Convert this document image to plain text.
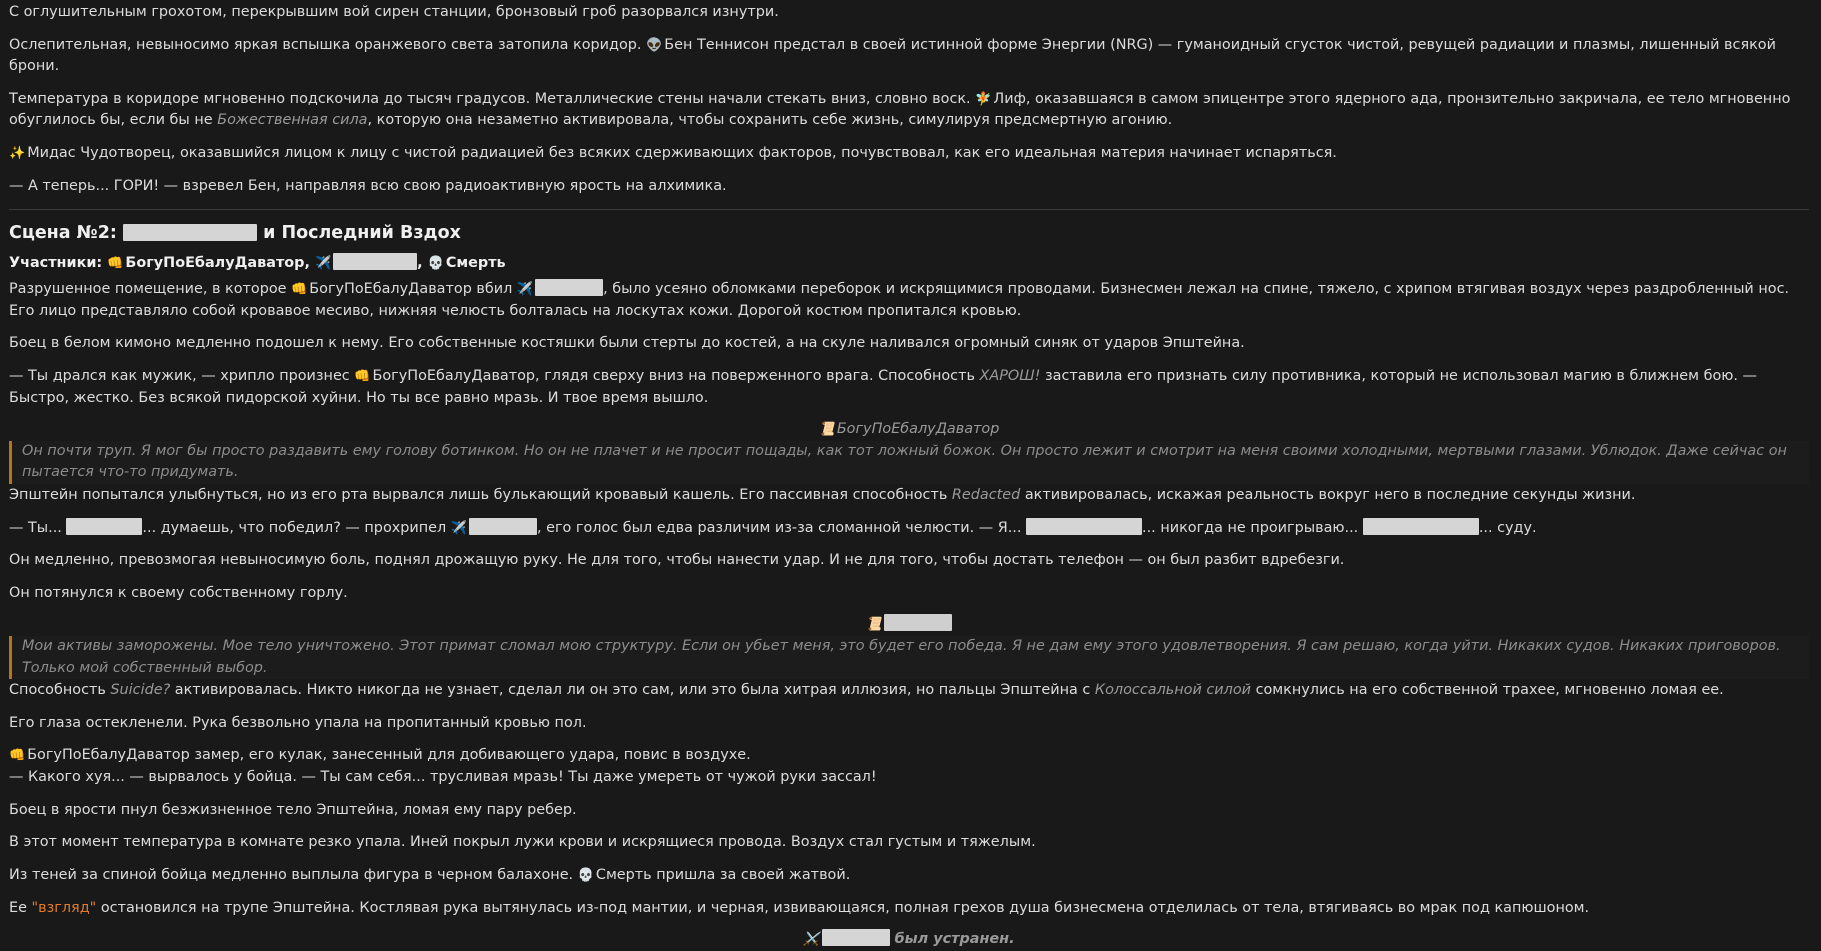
С оглушительным грохотом, перекрывшим вой сирен станции, бронзовый гроб разорвался изнутри.

Ослепительная, невыносимо яркая вспышка оранжевого света затопила коридор. 👽 Бен Теннисон предстал в своей истинной форме Энергии (NRG) — гуманоидный сгусток чистой, ревущей радиации и плазмы, лишенный всякой брони.

Температура в коридоре мгновенно подскочила до тысяч градусов. Металлические стены начали стекать вниз, словно воск. 🧚 Лиф, оказавшаяся в самом эпицентре этого ядерного ада, пронзительно закричала, ее тело мгновенно обуглилось бы, если бы не Божественная сила, которую она незаметно активировала, чтобы сохранить себе жизнь, симулируя предсмертную агонию.

✨ Мидас Чудотворец, оказавшийся лицом к лицу с чистой радиацией без всяких сдерживающих факторов, почувствовал, как его идеальная материя начинает испаряться.

— А теперь... ГОРИ! — взревел Бен, направляя всю свою радиоактивную ярость на алхимика.

Сцена №2:	и Последний Вздох

Участники: 👊 БогуПоЕбалуДаватор, ✈️	, 💀 Смерть

Разрушенное помещение, в которое 👊 БогуПоЕбалуДаватор вбил ✈️	, было усеяно обломками переборок и искрящимися проводами. Бизнесмен лежал на спине, тяжело, с хрипом втягивая воздух через раздробленный нос. Его лицо представляло собой кровавое месиво, нижняя челюсть болталась на лоскутах кожи. Дорогой костюм пропитался кровью.

Боец в белом кимоно медленно подошел к нему. Его собственные костяшки были стерты до костей, а на скуле наливался огромный синяк от ударов Эпштейна.

— Ты дрался как мужик, — хрипло произнес 👊 БогуПоЕбалуДаватор, глядя сверху вниз на поверженного врага. Способность ХАРОШ! заставила его признать силу противника, который не использовал магию в ближнем бою. — Быстро, жестко. Без всякой пидорской хуйни. Но ты все равно мразь. И твое время вышло.

📜 БогуПоЕбалуДаватор

Он почти труп. Я мог бы просто раздавить ему голову ботинком. Но он не плачет и не просит пощады, как тот ложный божок. Он просто лежит и смотрит на меня своими холодными, мертвыми глазами. Ублюдок. Даже сейчас он пытается что-то придумать.

Эпштейн попытался улыбнуться, но из его рта вырвался лишь булькающий кровавый кашель. Его пассивная способность Redacted активировалась, искажая реальность вокруг него в последние секунды жизни.

— Ты...	... думаешь, что победил? — прохрипел ✈️	, его голос был едва различим из-за сломанной челюсти. — Я...	... никогда не проигрываю...	... суду.

Он медленно, превозмогая невыносимую боль, поднял дрожащую руку. Не для того, чтобы нанести удар. И не для того, чтобы достать телефон — он был разбит вдребезги.

Он потянулся к своему собственному горлу.

📜

Мои активы заморожены. Мое тело уничтожено. Этот примат сломал мою структуру. Если он убьет меня, это будет его победа. Я не дам ему этого удовлетворения. Я сам решаю, когда уйти. Никаких судов. Никаких приговоров. Только мой собственный выбор.

Способность Suicide? активировалась. Никто никогда не узнает, сделал ли он это сам, или это была хитрая иллюзия, но пальцы Эпштейна с Колоссальной силой сомкнулись на его собственной трахее, мгновенно ломая ее.

Его глаза остекленели. Рука безвольно упала на пропитанный кровью пол.

👊 БогуПоЕбалуДаватор замер, его кулак, занесенный для добивающего удара, повис в воздухе.

— Какого хуя... — вырвалось у бойца. — Ты сам себя... трусливая мразь! Ты даже умереть от чужой руки зассал!

Боец в ярости пнул безжизненное тело Эпштейна, ломая ему пару ребер.

В этот момент температура в комнате резко упала. Иней покрыл лужи крови и искрящиеся провода. Воздух стал густым и тяжелым.

Из теней за спиной бойца медленно выплыла фигура в черном балахоне. 💀 Смерть пришла за своей жатвой.

Ее "взгляд" остановился на трупе Эпштейна. Костлявая рука вытянулась из-под мантии, и черная, извивающаяся, полная грехов душа бизнесмена отделилась от тела, втягиваясь во мрак под капюшоном.

⚔️	был устранен.
